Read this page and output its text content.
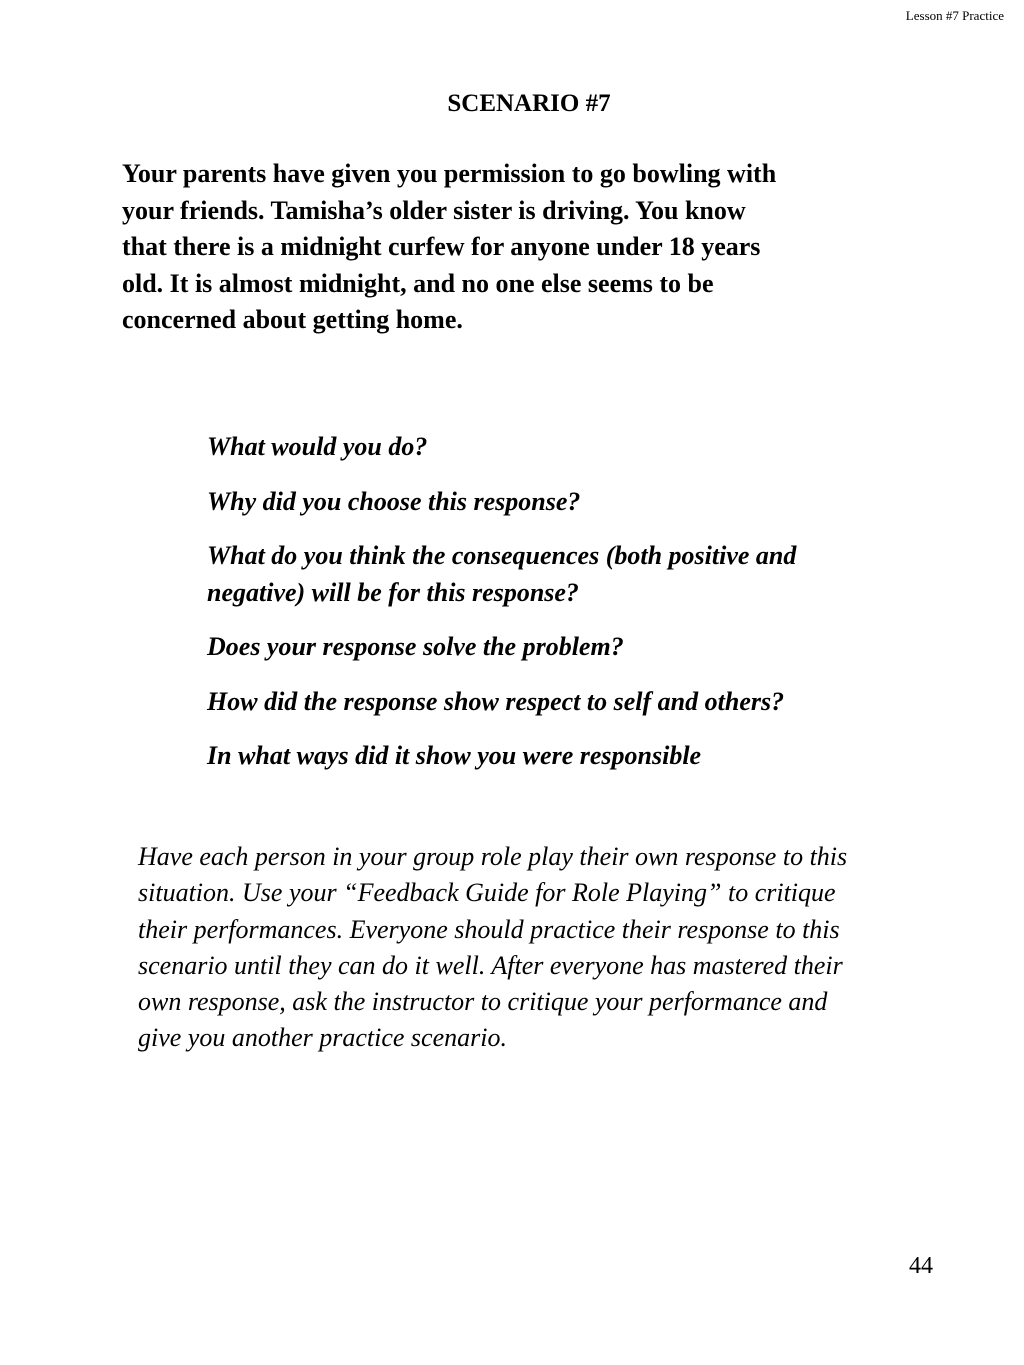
Lesson #7 Practice
SCENARIO #7
Your parents have given you permission to go bowling with
your friends. Tamisha’s older sister is driving. You know
that there is a midnight curfew for anyone under 18 years
old. It is almost midnight, and no one else seems to be
concerned about getting home.
What would you do?
Why did you choose this response?
What do you think the consequences (both positive and
negative) will be for this response?
Does your response solve the problem?
How did the response show respect to self and others?
In what ways did it show you were responsible
Have each person in your group role play their own response to this
situation. Use your “Feedback Guide for Role Playing” to critique
their performances. Everyone should practice their response to this
scenario until they can do it well. After everyone has mastered their
own response, ask the instructor to critique your performance and
give you another practice scenario.
44
